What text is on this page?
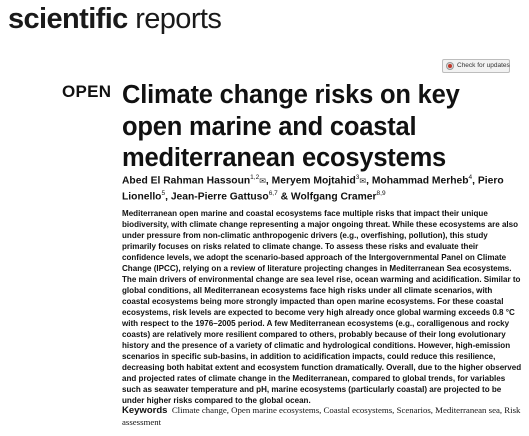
scientific reports
Check for updates
OPEN Climate change risks on key open marine and coastal mediterranean ecosystems
Abed El Rahman Hassoun$^{1,2}$✉, Meryem Mojtahid$^3$✉, Mohammad Merheb$^4$, Piero Lionello$^5$, Jean-Pierre Gattuso$^{6,7}$ & Wolfgang Cramer$^{8,9}$

Mediterranean open marine and coastal ecosystems face multiple risks that impact their unique biodiversity, with climate change representing a major ongoing threat. While these ecosystems are also under pressure from non-climatic anthropogenic drivers (e.g., overfishing, pollution), this study primarily focuses on risks related to climate change. To assess these risks and evaluate their confidence levels, we adopt the scenario-based approach of the Intergovernmental Panel on Climate Change (IPCC), relying on a review of literature projecting changes in Mediterranean Sea ecosystems. The main drivers of environmental change are sea level rise, ocean warming and acidification. Similar to global conditions, all Mediterranean ecosystems face high risks under all climate scenarios, with coastal ecosystems being more strongly impacted than open marine ecosystems. For these coastal ecosystems, risk levels are expected to become very high already once global warming exceeds 0.8 °C with respect to the 1976–2005 period. A few Mediterranean ecosystems (e.g., coralligenous and rocky coasts) are relatively more resilient compared to others, probably because of their long evolutionary history and the presence of a variety of climatic and hydrological conditions. However, high-emission scenarios in specific sub-basins, in addition to acidification impacts, could reduce this resilience, decreasing both habitat extent and ecosystem function dramatically. Overall, due to the higher observed and projected rates of climate change in the Mediterranean, compared to global trends, for variables such as seawater temperature and pH, marine ecosystems (particularly coastal) are projected to be under higher risks compared to the global ocean.

Keywords Climate change, Open marine ecosystems, Coastal ecosystems, Scenarios, Mediterranean sea, Risk assessment
